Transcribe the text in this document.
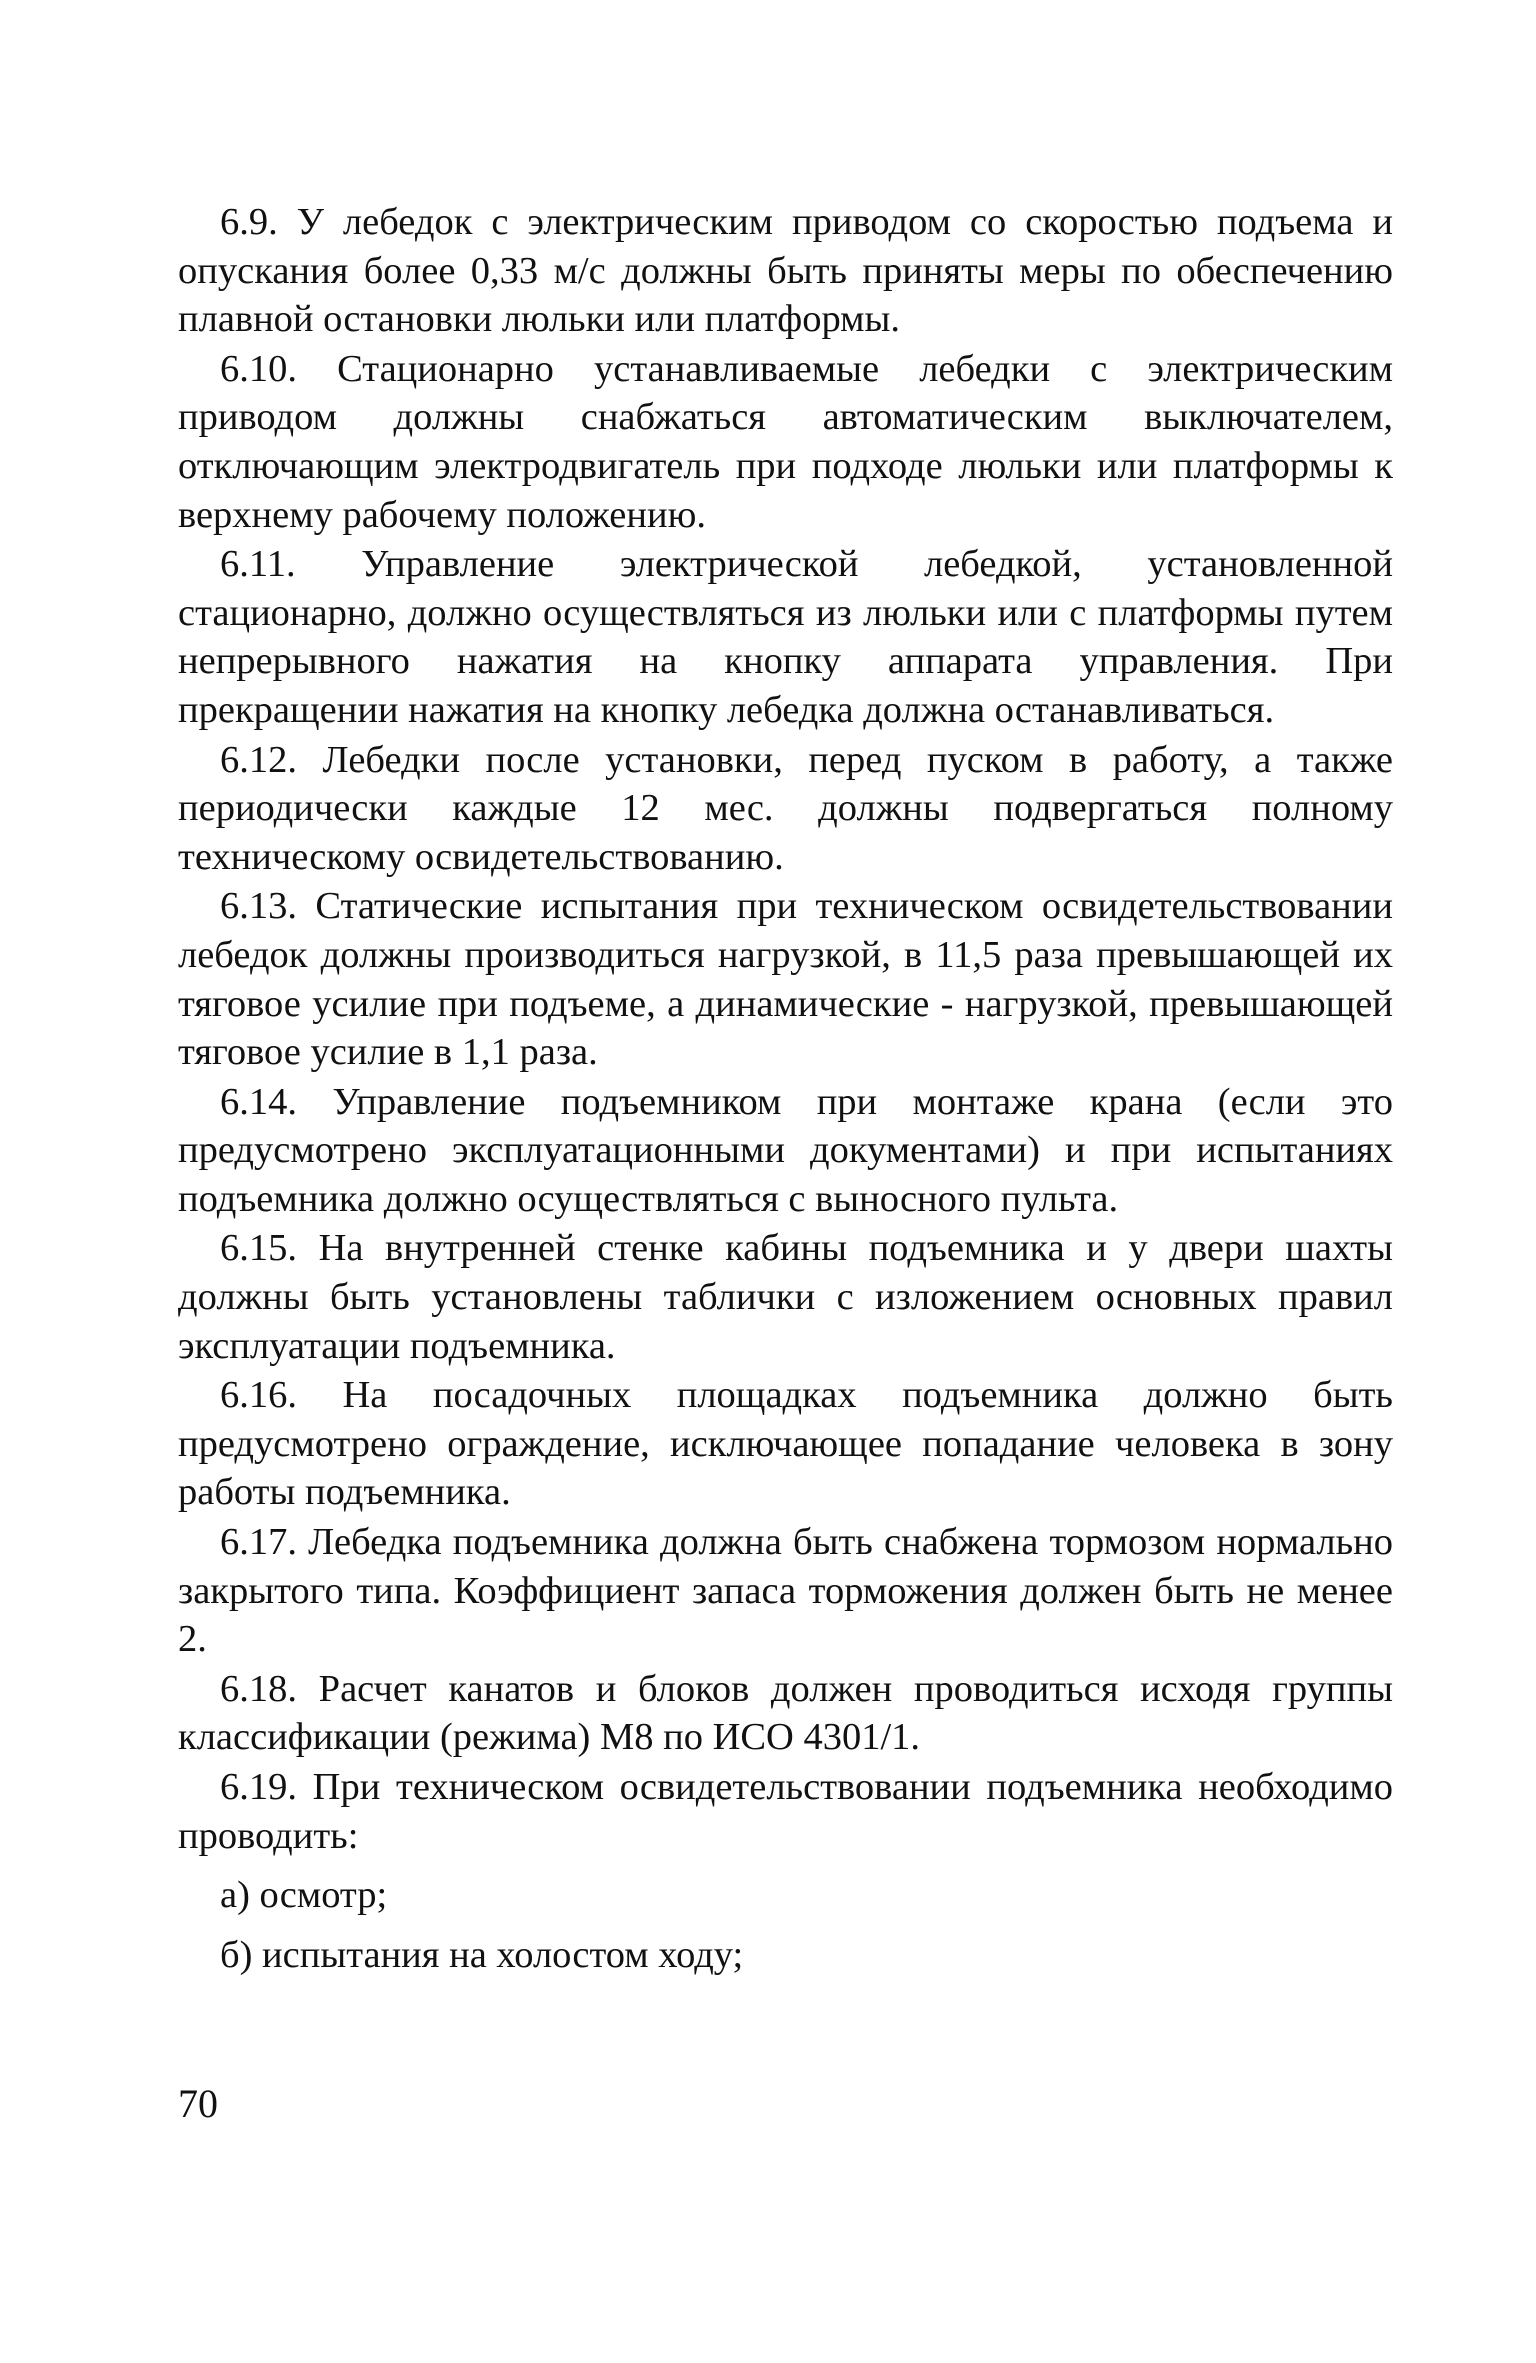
6.9. У лебедок с электрическим приводом со скоростью подъема и опускания более 0,33 м/с должны быть приняты меры по обеспечению плавной остановки люльки или платформы.

6.10. Стационарно устанавливаемые лебедки с электрическим приводом должны снабжаться автоматическим выключателем, отключающим электродвигатель при подходе люльки или платформы к верхнему рабочему положению.

6.11. Управление электрической лебедкой, установленной стационарно, должно осуществляться из люльки или с платформы путем непрерывного нажатия на кнопку аппарата управления. При прекращении нажатия на кнопку лебедка должна останавливаться.

6.12. Лебедки после установки, перед пуском в работу, а также периодически каждые 12 мес. должны подвергаться полному техническому освидетельствованию.

6.13. Статические испытания при техническом освидетельствовании лебедок должны производиться нагрузкой, в 11,5 раза превышающей их тяговое усилие при подъеме, а динамические - нагрузкой, превышающей тяговое усилие в 1,1 раза.

6.14. Управление подъемником при монтаже крана (если это предусмотрено эксплуатационными документами) и при испытаниях подъемника должно осуществляться с выносного пульта.

6.15. На внутренней стенке кабины подъемника и у двери шахты должны быть установлены таблички с изложением основных правил эксплуатации подъемника.

6.16. На посадочных площадках подъемника должно быть предусмотрено ограждение, исключающее попадание человека в зону работы подъемника.

6.17. Лебедка подъемника должна быть снабжена тормозом нормально закрытого типа. Коэффициент запаса торможения должен быть не менее 2.

6.18. Расчет канатов и блоков должен проводиться исходя группы классификации (режима) М8 по ИСО 4301/1.

6.19. При техническом освидетельствовании подъемника необходимо проводить:

а) осмотр;

б) испытания на холостом ходу;

70
